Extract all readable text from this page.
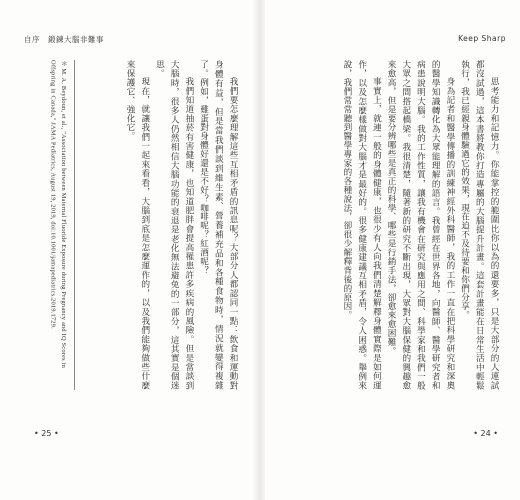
自序　鍛鍊大腦非難事
＊ M. A. Beydoun, et al., "Association between Maternal Fluoride Exposure during Pregnancy and IQ Scores in Offspring in Canada," JAMA Pediatrics, August 19, 2019, doi:10.1001/jamapediatrics.2019.1729.	我們要怎麼理解這些互相矛盾的訊息呢？大部分人都認同一點：飲食和運動對身體有益，但是當我們談到維生素、營養補充品和各種食物時，情況就變得複雜了。例如，雞蛋對身體好還是不好？咖啡呢？紅酒呢？

我們知道抽菸有害健康，也知道肥胖會提高罹患許多疾病的風險。但是當談到大腦時，很多人仍然相信大腦功能的衰退是老化無法避免的一部分，這其實是個迷思。

現在，就讓我們一起來看看，大腦到底是怎麼運作的，以及我們能夠做些什麼來保護它、強化它。

• 25 •
Keep Sharp

思考能力和記憶力。你能掌控的範圍比你以為的還要多，只是大部分的人連試都沒試過，這本書將教你打造專屬的大腦提升計畫。這套計畫能在日常生活中輕鬆執行，我已經親身體驗過它的效果，現在迫不及待要和你們分享。

身為記者和醫學傳播的訓練神經外科醫師，我的工作一直在把科學研究和深奧的醫學知識轉化為大眾能理解的語言。我曾經在世界各地，向醫師、醫學研究者和病患說明大腦。我的工作性質，讓我有機會在研究與應用之間、科學家和我們一般大眾之間搭起橋梁。我很清楚，隨著新的研究不斷出現，大眾對大腦保健的興趣愈來愈高，但是要分辨哪些是真正的科學、哪些是行銷手法，卻愈來愈困難。

事實上，就連一般的身體健康，也很少有人向我們清楚解釋身體實際是如何運作，以及怎麼樣做對大腦才是最好的。很多健康建議互相矛盾，令人困惑。舉例來說，我們常常聽到醫學專家的各種說法，卻很少解釋背後的原因。

• 24 •
